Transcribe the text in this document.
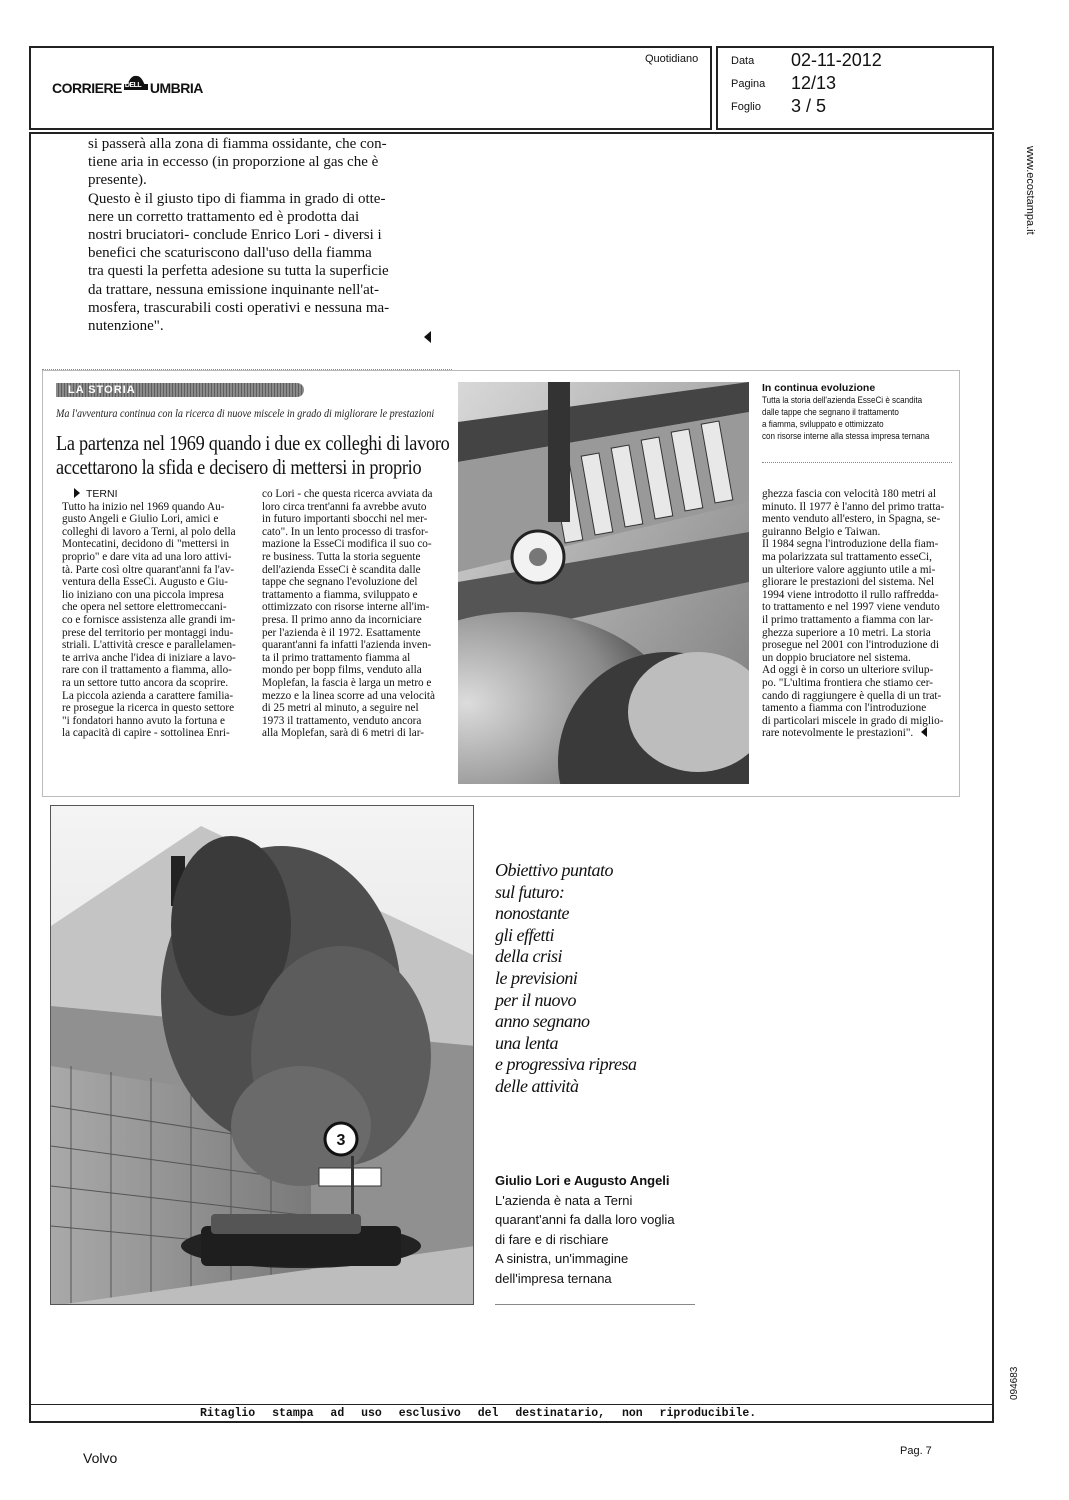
CORRIERE DELL UMBRIA
Quotidiano	Data 02-11-2012
Pagina 12/13
Foglio 3 / 5
www.ecostampa.it
094683
si passerà alla zona di fiamma ossidante, che con-
tiene aria in eccesso (in proporzione al gas che è
presente).
Questo è il giusto tipo di fiamma in grado di otte-
nere un corretto trattamento ed è prodotta dai
nostri bruciatori- conclude Enrico Lori - diversi i
benefici che scaturiscono dall'uso della fiamma
tra questi la perfetta adesione su tutta la superficie
da trattare, nessuna emissione inquinante nell'at-
mosfera, trascurabili costi operativi e nessuna ma-
nutenzione".
LA STORIA
Ma l'avventura continua con la ricerca di nuove miscele in grado di migliorare le prestazioni
La partenza nel 1969 quando i due ex colleghi di lavoro
accettarono la sfida e decisero di mettersi in proprio
TERNI
Tutto ha inizio nel 1969 quando Au-
gusto Angeli e Giulio Lori, amici e
colleghi di lavoro a Terni, al polo della
Montecatini, decidono di "mettersi in
proprio" e dare vita ad una loro attivi-
tà. Parte così oltre quarant'anni fa l'av-
ventura della EsseCi. Augusto e Giu-
lio iniziano con una piccola impresa
che opera nel settore elettromeccani-
co e fornisce assistenza alle grandi im-
prese del territorio per montaggi indu-
striali. L'attività cresce e parallelamen-
te arriva anche l'idea di iniziare a lavo-
rare con il trattamento a fiamma, allo-
ra un settore tutto ancora da scoprire.
La piccola azienda a carattere familia-
re prosegue la ricerca in questo settore
"i fondatori hanno avuto la fortuna e
la capacità di capire - sottolinea Enri-
co Lori - che questa ricerca avviata da
loro circa trent'anni fa avrebbe avuto
in futuro importanti sbocchi nel mer-
cato". In un lento processo di trasfor-
mazione la EsseCi modifica il suo co-
re business. Tutta la storia seguente
dell'azienda EsseCi è scandita dalle
tappe che segnano l'evoluzione del
trattamento a fiamma, sviluppato e
ottimizzato con risorse interne all'im-
presa. Il primo anno da incorniciare
per l'azienda è il 1972. Esattamente
quarant'anni fa infatti l'azienda inven-
ta il primo trattamento fiamma al
mondo per bopp films, venduto alla
Moplefan, la fascia è larga un metro e
mezzo e la linea scorre ad una velocità
di 25 metri al minuto, a seguire nel
1973 il trattamento, venduto ancora
alla Moplefan, sarà di 6 metri di lar-
In continua evoluzione
Tutta la storia dell'azienda EsseCi è scandita
dalle tappe che segnano il trattamento
a fiamma, sviluppato e ottimizzato
con risorse interne alla stessa impresa ternana
ghezza fascia con velocità 180 metri al
minuto. Il 1977 è l'anno del primo tratta-
mento venduto all'estero, in Spagna, se-
guiranno Belgio e Taiwan.
Il 1984 segna l'introduzione della fiam-
ma polarizzata sul trattamento esseCi,
un ulteriore valore aggiunto utile a mi-
gliorare le prestazioni del sistema. Nel
1994 viene introdotto il rullo raffredda-
to trattamento e nel 1997 viene venduto
il primo trattamento a fiamma con lar-
ghezza superiore a 10 metri. La storia
prosegue nel 2001 con l'introduzione di
un doppio bruciatore nel sistema.
Ad oggi è in corso un ulteriore svilup-
po. "L'ultima frontiera che stiamo cer-
cando di raggiungere è quella di un trat-
tamento a fiamma con l'introduzione
di particolari miscele in grado di miglio-
rare notevolmente le prestazioni".
3
Obiettivo puntato
sul futuro:
nonostante
gli effetti
della crisi
le previsioni
per il nuovo
anno segnano
una lenta
e progressiva ripresa
delle attività
Giulio Lori e Augusto Angeli
L'azienda è nata a Terni
quarant'anni fa dalla loro voglia
di fare e di rischiare
A sinistra, un'immagine
dell'impresa ternana
Ritaglio stampa ad uso esclusivo del destinatario, non riproducibile.
Volvo	Pag. 7
